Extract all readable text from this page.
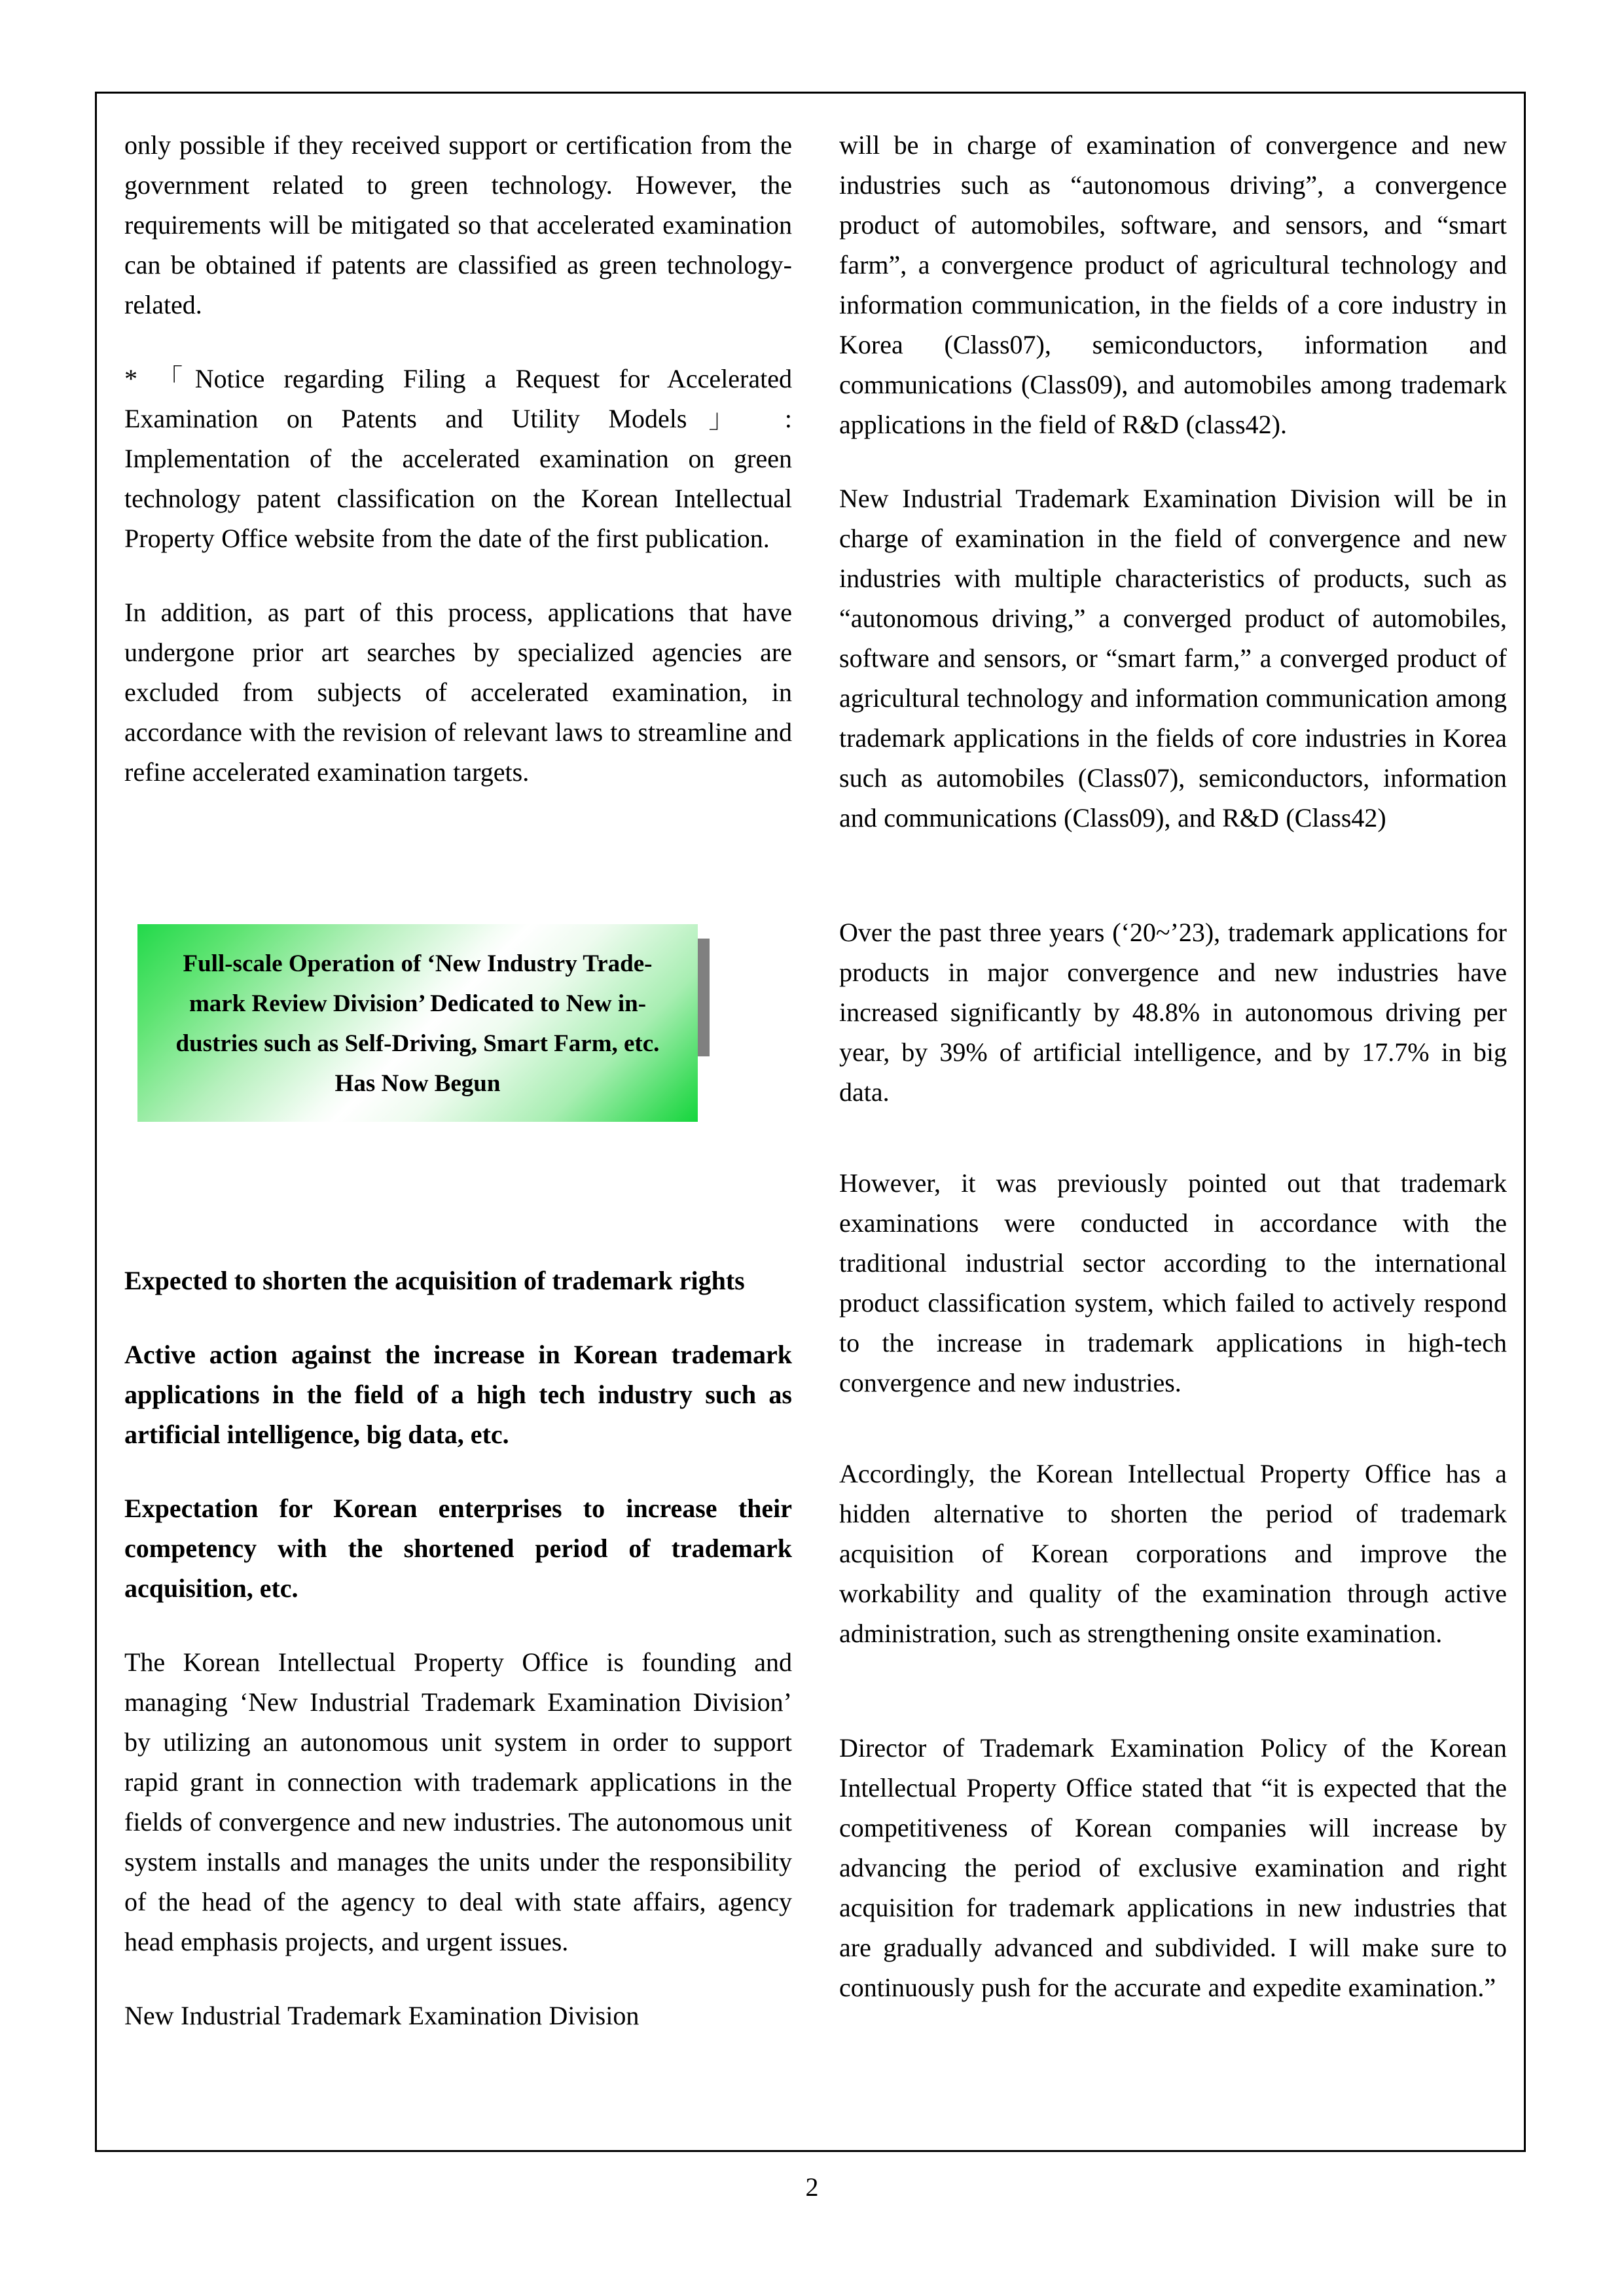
only possible if they received support or certification from the government related to green technology. However, the requirements will be mitigated so that accelerated examination can be obtained if patents are classified as green technology-related.

* 「Notice regarding Filing a Request for Accelerated Examination on Patents and Utility Models」 : Implementation of the accelerated examination on green technology patent classification on the Korean Intellectual Property Office website from the date of the first publication.

In addition, as part of this process, applications that have undergone prior art searches by specialized agencies are excluded from subjects of accelerated examination, in accordance with the revision of relevant laws to streamline and refine accelerated examination targets.

Full-scale Operation of ‘New Industry Trade-
mark Review Division’ Dedicated to New in-
dustries such as Self-Driving, Smart Farm, etc.
Has Now Begun

Expected to shorten the acquisition of trademark rights

Active action against the increase in Korean trademark applications in the field of a high tech industry such as artificial intelligence, big data, etc.

Expectation for Korean enterprises to increase their competency with the shortened period of trademark acquisition, etc.

The Korean Intellectual Property Office is founding and managing ‘New Industrial Trademark Examination Division’ by utilizing an autonomous unit system in order to support rapid grant in connection with trademark applications in the fields of convergence and new industries. The autonomous unit system installs and manages the units under the responsibility of the head of the agency to deal with state affairs, agency head emphasis projects, and urgent issues.

New Industrial Trademark Examination Division

will be in charge of examination of convergence and new industries such as “autonomous driving”, a convergence product of automobiles, software, and sensors, and “smart farm”, a convergence product of agricultural technology and information communication, in the fields of a core industry in Korea (Class07), semiconductors, information and communications (Class09), and automobiles among trademark applications in the field of R&D (class42).

New Industrial Trademark Examination Division will be in charge of examination in the field of convergence and new industries with multiple characteristics of products, such as “autonomous driving,” a converged product of automobiles, software and sensors, or “smart farm,” a converged product of agricultural technology and information communication among trademark applications in the fields of core industries in Korea such as automobiles (Class07), semiconductors, information and communications (Class09), and R&D (Class42)

Over the past three years (‘20~’23), trademark applications for products in major convergence and new industries have increased significantly by 48.8% in autonomous driving per year, by 39% of artificial intelligence, and by 17.7% in big data.

However, it was previously pointed out that trademark examinations were conducted in accordance with the traditional industrial sector according to the international product classification system, which failed to actively respond to the increase in trademark applications in high-tech convergence and new industries.

Accordingly, the Korean Intellectual Property Office has a hidden alternative to shorten the period of trademark acquisition of Korean corporations and improve the workability and quality of the examination through active administration, such as strengthening onsite examination.

Director of Trademark Examination Policy of the Korean Intellectual Property Office stated that “it is expected that the competitiveness of Korean companies will increase by advancing the period of exclusive examination and right acquisition for trademark applications in new industries that are gradually advanced and subdivided. I will make sure to continuously push for the accurate and expedite examination.”

2
